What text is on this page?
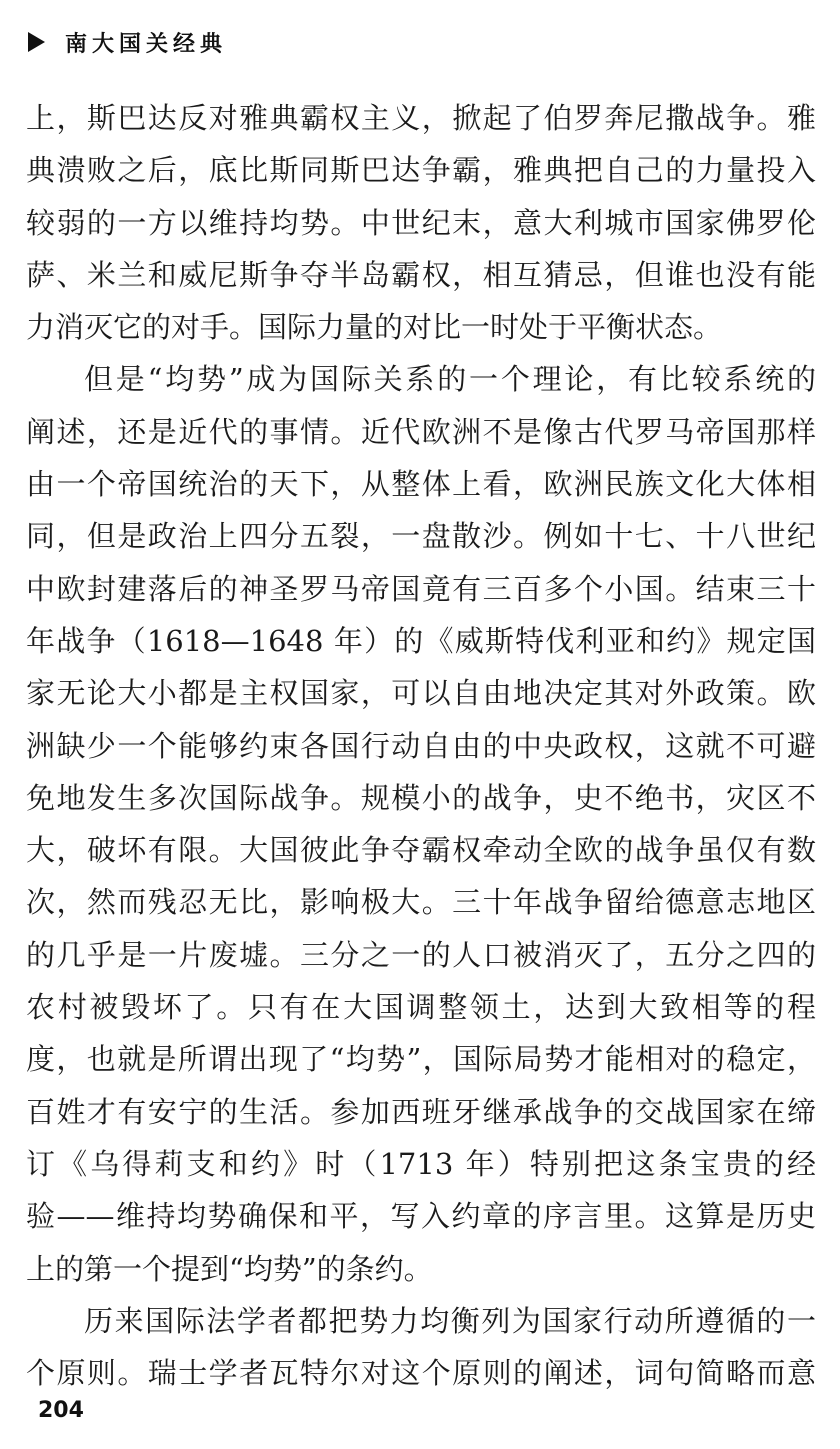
南大国关经典
上，斯巴达反对雅典霸权主义，掀起了伯罗奔尼撒战争。雅
典溃败之后，底比斯同斯巴达争霸，雅典把自己的力量投入
较弱的一方以维持均势。中世纪末，意大利城市国家佛罗伦
萨、米兰和威尼斯争夺半岛霸权，相互猜忌，但谁也没有能
力消灭它的对手。国际力量的对比一时处于平衡状态。
但是“均势”成为国际关系的一个理论，有比较系统的
阐述，还是近代的事情。近代欧洲不是像古代罗马帝国那样
由一个帝国统治的天下，从整体上看，欧洲民族文化大体相
同，但是政治上四分五裂，一盘散沙。例如十七、十八世纪
中欧封建落后的神圣罗马帝国竟有三百多个小国。结束三十
年战争（1618—1648 年）的《威斯特伐利亚和约》规定国
家无论大小都是主权国家，可以自由地决定其对外政策。欧
洲缺少一个能够约束各国行动自由的中央政权，这就不可避
免地发生多次国际战争。规模小的战争，史不绝书，灾区不
大，破坏有限。大国彼此争夺霸权牵动全欧的战争虽仅有数
次，然而残忍无比，影响极大。三十年战争留给德意志地区
的几乎是一片废墟。三分之一的人口被消灭了，五分之四的
农村被毁坏了。只有在大国调整领土，达到大致相等的程
度，也就是所谓出现了“均势”，国际局势才能相对的稳定，
百姓才有安宁的生活。参加西班牙继承战争的交战国家在缔
订《乌得莉支和约》时（1713 年）特别把这条宝贵的经
验——维持均势确保和平，写入约章的序言里。这算是历史
上的第一个提到“均势”的条约。
历来国际法学者都把势力均衡列为国家行动所遵循的一
个原则。瑞士学者瓦特尔对这个原则的阐述，词句简略而意
204
